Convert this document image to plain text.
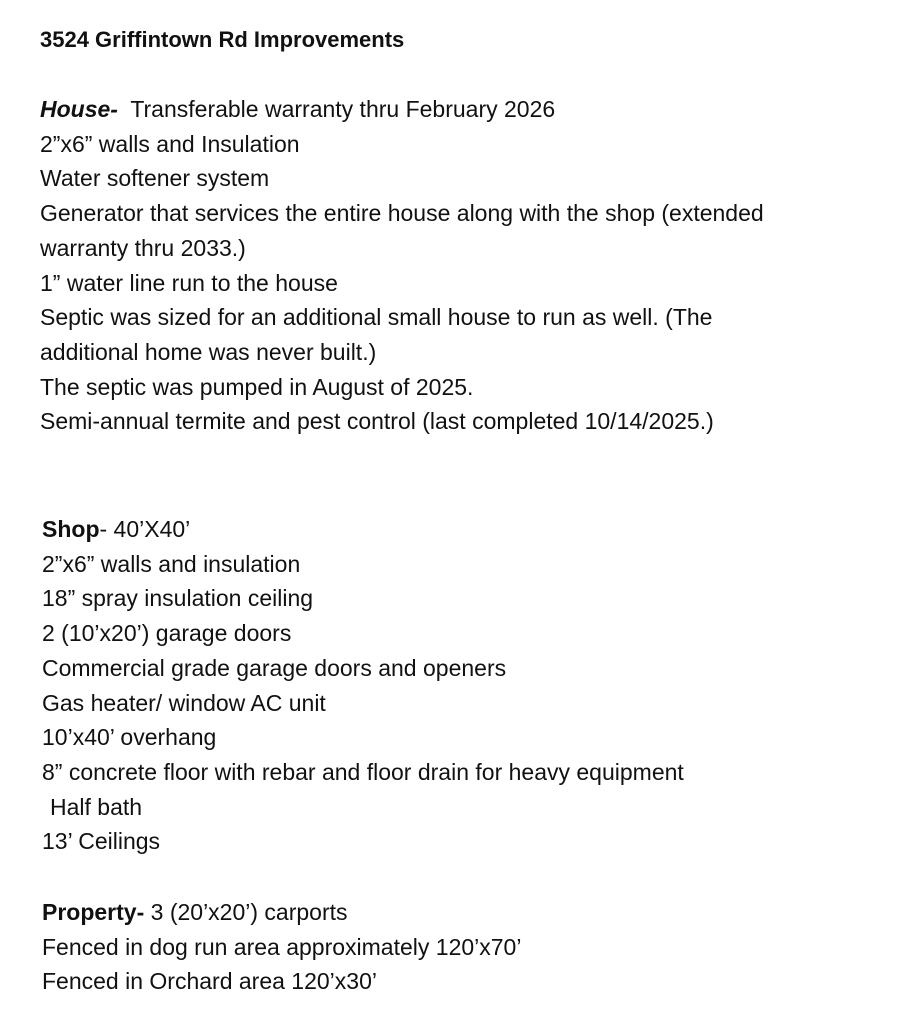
3524 Griffintown Rd Improvements
House-  Transferable warranty thru February 2026
2”x6” walls and Insulation
Water softener system
Generator that services the entire house along with the shop (extended
warranty thru 2033.)
1” water line run to the house
Septic was sized for an additional small house to run as well. (The
additional home was never built.)
The septic was pumped in August of 2025.
Semi-annual termite and pest control (last completed 10/14/2025.)
Shop- 40’X40’
2”x6” walls and insulation
18” spray insulation ceiling
2 (10’x20’) garage doors
Commercial grade garage doors and openers
Gas heater/ window AC unit
10’x40’ overhang
8” concrete floor with rebar and floor drain for heavy equipment
Half bath
13’ Ceilings
Property- 3 (20’x20’) carports
Fenced in dog run area approximately 120’x70’
Fenced in Orchard area 120’x30’
